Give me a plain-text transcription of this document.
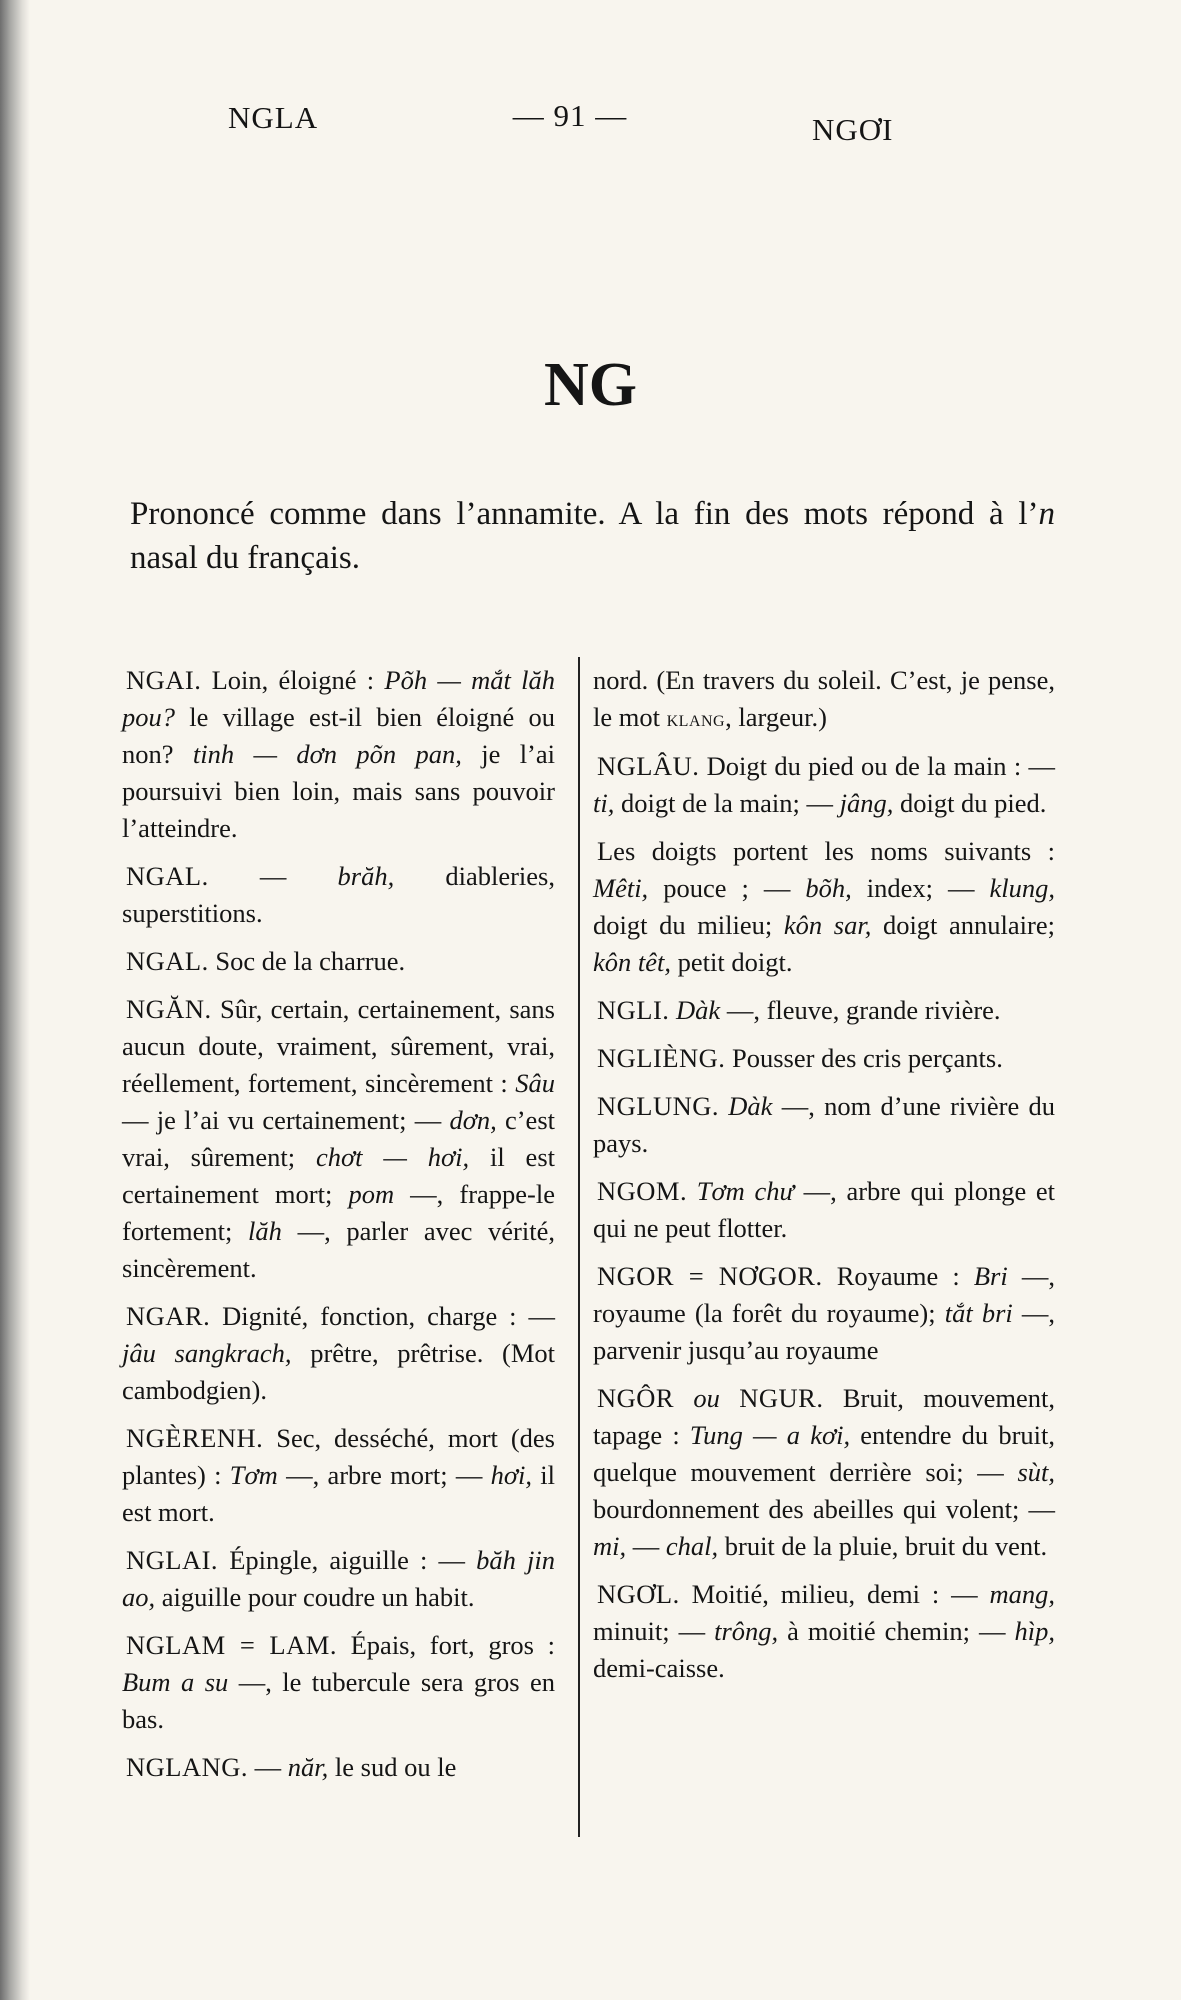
NGLA	— 91 —	NGƠI
NG
Prononcé comme dans l’annamite. A la fin des mots répond à l’n nasal du français.

NGAI. Loin, éloigné : Põh — mắt lăh pou? le village est-il bien éloigné ou non? tinh — dơn põn pan, je l’ai poursuivi bien loin, mais sans pouvoir l’atteindre.

NGAL. — brăh, diableries, superstitions.

NGAL. Soc de la charrue.

NGĂN. Sûr, certain, certainement, sans aucun doute, vraiment, sûrement, vrai, réellement, fortement, sincèrement : Sâu — je l’ai vu certainement; — dơn, c’est vrai, sûrement; chơt — hơi, il est certainement mort; pom —, frappe-le fortement; lăh —, parler avec vérité, sincèrement.

NGAR. Dignité, fonction, charge : — jâu sangkrach, prêtre, prêtrise. (Mot cambodgien).

NGÈRENH. Sec, desséché, mort (des plantes) : Tơm —, arbre mort; — hơi, il est mort.

NGLAI. Épingle, aiguille : — băh jin ao, aiguille pour coudre un habit.

NGLAM = LAM. Épais, fort, gros : Bum a su —, le tubercule sera gros en bas.

NGLANG. — năr, le sud ou le

nord. (En travers du soleil. C’est, je pense, le mot klang, largeur.)

NGLÂU. Doigt du pied ou de la main : — ti, doigt de la main; — jâng, doigt du pied.

Les doigts portent les noms suivants : Mêti, pouce ; — bõh, index; — klung, doigt du milieu; kôn sar, doigt annulaire; kôn têt, petit doigt.

NGLI. Dàk —, fleuve, grande rivière.

NGLIÈNG. Pousser des cris perçants.

NGLUNG. Dàk —, nom d’une rivière du pays.

NGOM. Tơm chư —, arbre qui plonge et qui ne peut flotter.

NGOR = NƠGOR. Royaume : Bri —, royaume (la forêt du royaume); tắt bri —, parvenir jusqu’au royaume

NGÔR ou NGUR. Bruit, mouvement, tapage : Tung — a kơi, entendre du bruit, quelque mouvement derrière soi; — sùt, bourdonnement des abeilles qui volent; — mi, — chal, bruit de la pluie, bruit du vent.

NGƠL. Moitié, milieu, demi : — mang, minuit; — trông, à moitié chemin; — hìp, demi-caisse.
